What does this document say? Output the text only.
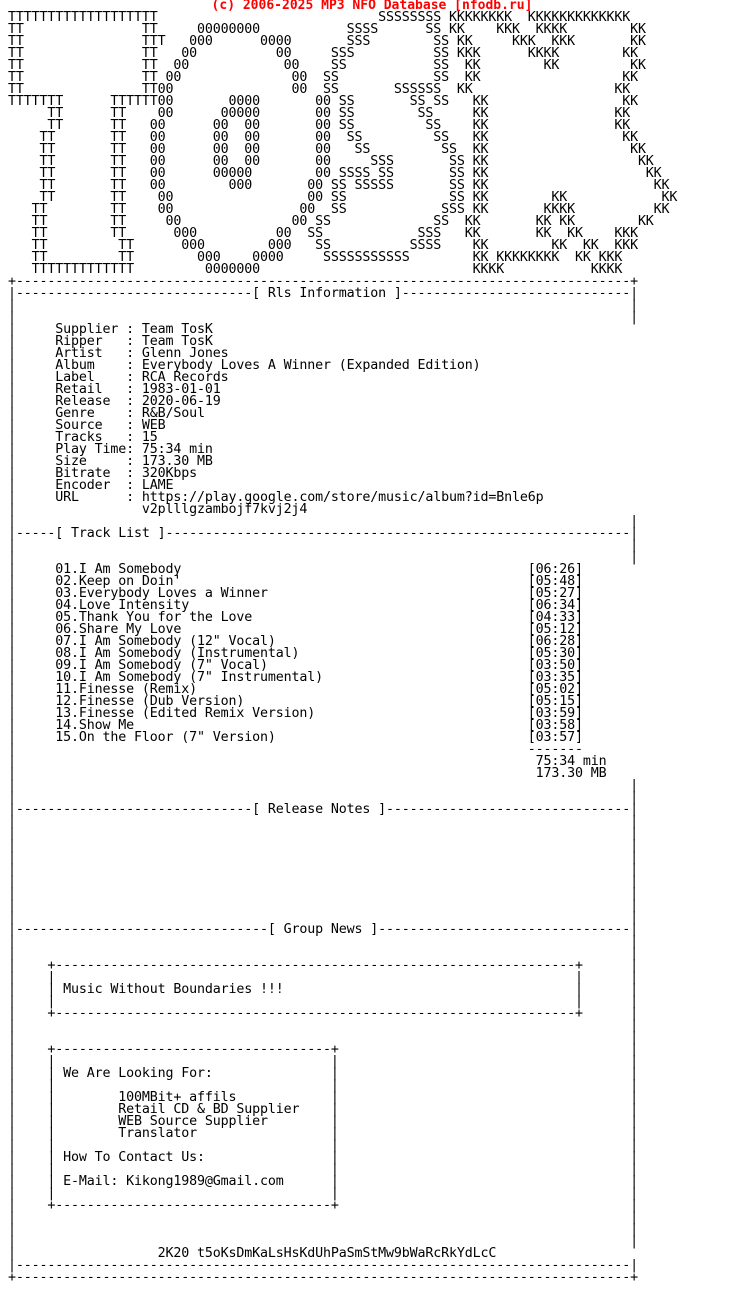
(c) 2006-2025 MP3 NFO Database [nfodb.ru]
TTTTTTTTTTTTTTTTTTT                            SSSSSSSS KKKKKKKK  KKKKKKKKKKKKK
TT               TT     00000000           SSSS      SS KK    KKK  KKKK        KK
TT               TTT   000      0000       SSS        SS KK     KKK  KKK       KK
TT               TT   00          00     SSS          SS KKK      KKKK        KK
TT               TT  00            00    SS           SS  KK        KK         KK
TT               TT 00              00  SS            SS  KK                  KK
TT               TT00               00  SS       SSSSSS  KK                  KK
TTTTTTT      TTTTTT00       0000       00 SS       SS SS   KK                 KK
TT      TT    00      00000       00 SS        SS     KK                KK
TT      TT   00      00  00       00 SS         SS    KK                KK
TT       TT   00      00  00       00  SS         SS   KK                 KK
TT       TT   00      00  00       00   SS         SS  KK                  KK
TT       TT   00      00  00       00     SSS       SS KK                   KK
TT       TT   00      00000        00 SSSS SS       SS KK                    KK
TT       TT   00        000       00 SS SSSSS       SS KK                     KK
TT       TT    00                 00 SS             SS KK        KK            KK
TT        TT    00                00  SS            SSS KK       KKKK          KK
TT        TT     00              00 SS             SS  KK       KK KK        KK
TT        TT      000          00  SS            SSS   KK       KK  KK    KKK
TT         TT      000        000   SS          SSSS    KK        KK  KK  KKK
TT         TT        000    0000     SSSSSSSSSSS        KK KKKKKKKK  KK KKK
TTTTTTTTTTTTT         0000000                           KKKK           KKKK
+------------------------------------------------------------------------------+
|------------------------------[ Rls Information ]-----------------------------|
|                                                                              |
|                                                                              |
|     Supplier : Team TosK
|     Ripper   : Team TosK
|     Artist   : Glenn Jones
|     Album    : Everybody Loves A Winner (Expanded Edition)
|     Label    : RCA Records
|     Retail   : 1983-01-01
|     Release  : 2020-06-19
|     Genre    : R&B/Soul
|     Source   : WEB
|     Tracks   : 15
|     Play Time: 75:34 min
|     Size     : 173.30 MB
|     Bitrate  : 320Kbps
|     Encoder  : LAME
|     URL      : https://play.google.com/store/music/album?id=Bnle6p
|                v2plllgzambojf7kvj2j4
|                                                                              |
|-----[ Track List ]-----------------------------------------------------------|
|                                                                              |
|                                                                              |
|     01.I Am Somebody                                            [06:26]
|     02.Keep on Doin'                                            [05:48]
|     03.Everybody Loves a Winner                                 [05:27]
|     04.Love Intensity                                           [06:34]
|     05.Thank You for the Love                                   [04:33]
|     06.Share My Love                                            [05:12]
|     07.I Am Somebody (12" Vocal)                                [06:28]
|     08.I Am Somebody (Instrumental)                             [05:30]
|     09.I Am Somebody (7" Vocal)                                 [03:50]
|     10.I Am Somebody (7" Instrumental)                          [03:35]
|     11.Finesse (Remix)                                          [05:02]
|     12.Finesse (Dub Version)                                    [05:15]
|     13.Finesse (Edited Remix Version)                           [03:59]
|     14.Show Me                                                  [03:58]
|     15.On the Floor (7" Version)                                [03:57]
|                                                                 -------
|                                                                  75:34 min
|                                                                  173.30 MB
|                                                                              |
|                                                                              |
|------------------------------[ Release Notes ]-------------------------------|
|                                                                              |
|                                                                              |
|                                                                              |
|                                                                              |
|                                                                              |
|                                                                              |
|                                                                              |
|                                                                              |
|                                                                              |
|--------------------------------[ Group News ]--------------------------------|
|                                                                              |
|                                                                              |
|    +------------------------------------------------------------------+      |
|    |                                                                  |      |
|    | Music Without Boundaries !!!                                     |      |
|    |                                                                  |      |
|    +------------------------------------------------------------------+      |
|                                                                              |
|                                                                              |
|    +-----------------------------------+                                     |
|    |                                   |                                     |
|    | We Are Looking For:               |                                     |
|    |                                   |                                     |
|    |        100MBit+ affils            |                                     |
|    |        Retail CD & BD Supplier    |                                     |
|    |        WEB Source Supplier        |                                     |
|    |        Translator                 |                                     |
|    |                                   |                                     |
|    | How To Contact Us:                |                                     |
|    |                                   |                                     |
|    | E-Mail: Kikong1989@Gmail.com      |                                     |
|    |                                   |                                     |
|    +-----------------------------------+                                     |
|                                                                              |
|                                                                              |
|                                                                              |
|                  2K20 t5oKsDmKaLsHsKdUhPaSmStMw9bWaRcRkYdLcC
|------------------------------------------------------------------------------|
+------------------------------------------------------------------------------+
